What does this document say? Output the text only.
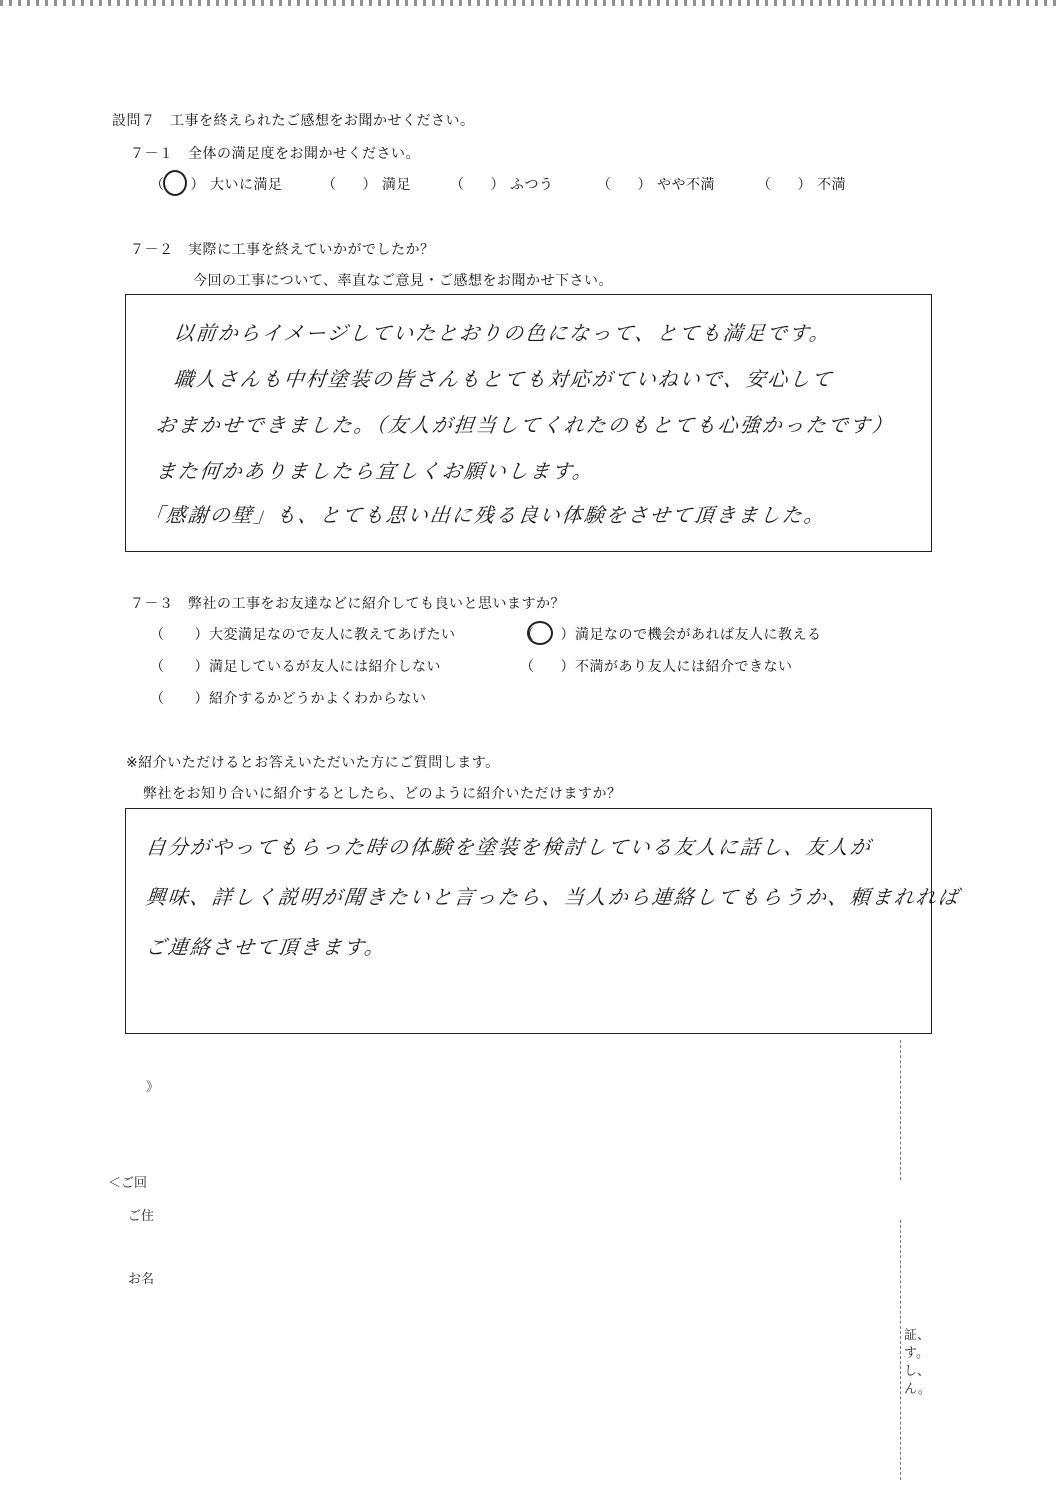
設問７　工事を終えられたご感想をお聞かせください。
７－１　全体の満足度をお聞かせください。
（ ） 大いに満足	（ ） 満足	（ ） ふつう	（ ） やや不満	（ ） 不満
７－２　実際に工事を終えていかがでしたか？
今回の工事について、率直なご意見・ご感想をお聞かせ下さい。
以前からイメージしていたとおりの色になって、とても満足です。
職人さんも中村塗装の皆さんもとても対応がていねいで、安心して
おまかせできました。（友人が担当してくれたのもとても心強かったです）
また何かありましたら宜しくお願いします。
「感謝の壁」も、とても思い出に残る良い体験をさせて頂きました。
７－３　弊社の工事をお友達などに紹介しても良いと思いますか？
（ ）大変満足なので友人に教えてあげたい	（ ）満足なので機会があれば友人に教える
（ ）満足しているが友人には紹介しない	（ ）不満があり友人には紹介できない
（ ）紹介するかどうかよくわからない
※紹介いただけるとお答えいただいた方にご質問します。
弊社をお知り合いに紹介するとしたら、どのように紹介いただけますか？
自分がやってもらった時の体験を塗装を検討している友人に話し、友人が
興味、詳しく説明が聞きたいと言ったら、当人から連絡してもらうか、頼まれれば
ご連絡させて頂きます。
》
＜ご回
ご住
お名
証、
す。
し、
ん。
